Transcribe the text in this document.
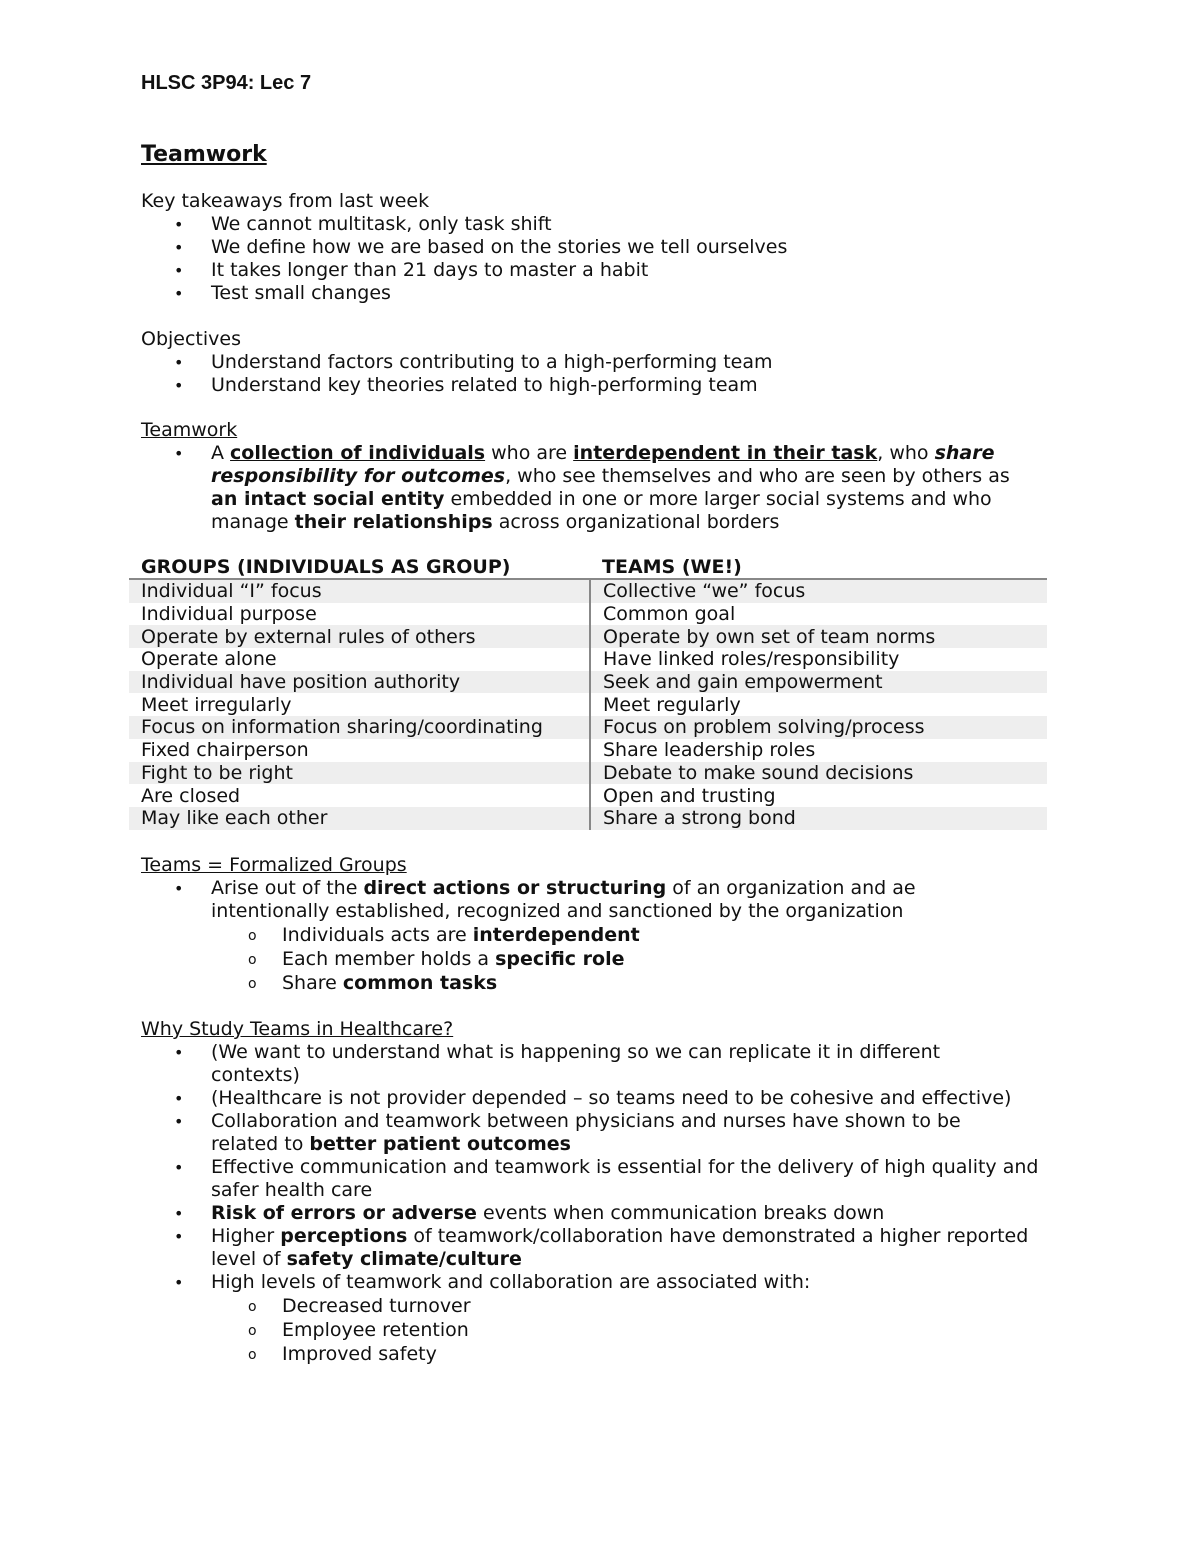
HLSC 3P94: Lec 7
Teamwork
Key takeaways from last week
• We cannot multitask, only task shift
• We define how we are based on the stories we tell ourselves
• It takes longer than 21 days to master a habit
• Test small changes
Objectives
• Understand factors contributing to a high-performing team
• Understand key theories related to high-performing team
Teamwork
• A collection of individuals who are interdependent in their task, who share responsibility for outcomes, who see themselves and who are seen by others as an intact social entity embedded in one or more larger social systems and who manage their relationships across organizational borders
GROUPS (INDIVIDUALS AS GROUP)	TEAMS (WE!)
Individual “I” focus	Collective “we” focus
Individual purpose	Common goal
Operate by external rules of others	Operate by own set of team norms
Operate alone	Have linked roles/responsibility
Individual have position authority	Seek and gain empowerment
Meet irregularly	Meet regularly
Focus on information sharing/coordinating	Focus on problem solving/process
Fixed chairperson	Share leadership roles
Fight to be right	Debate to make sound decisions
Are closed	Open and trusting
May like each other	Share a strong bond
Teams = Formalized Groups
• Arise out of the direct actions or structuring of an organization and ae intentionally established, recognized and sanctioned by the organization
o Individuals acts are interdependent
o Each member holds a specific role
o Share common tasks
Why Study Teams in Healthcare?
• (We want to understand what is happening so we can replicate it in different contexts)
• (Healthcare is not provider depended – so teams need to be cohesive and effective)
• Collaboration and teamwork between physicians and nurses have shown to be related to better patient outcomes
• Effective communication and teamwork is essential for the delivery of high quality and safer health care
• Risk of errors or adverse events when communication breaks down
• Higher perceptions of teamwork/collaboration have demonstrated a higher reported level of safety climate/culture
• High levels of teamwork and collaboration are associated with:
o Decreased turnover
o Employee retention
o Improved safety
